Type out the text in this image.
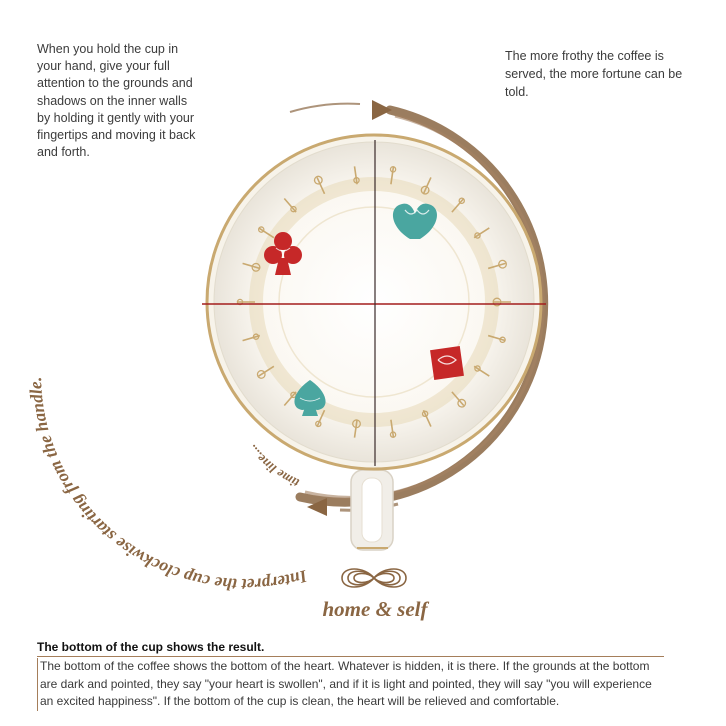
When you hold the cup in your hand, give your full attention to the grounds and shadows on the inner walls by holding it gently with your fingertips and moving it back and forth.
The more frothy the coffee is served, the more fortune can be told.
Interpret the cup clockwise starting from the handle.
time line....
home & self
The bottom of the cup shows the result.
The bottom of the coffee shows the bottom of the heart. Whatever is hidden, it is there. If the grounds at the bottom are dark and pointed, they say "your heart is swollen", and if it is light and pointed, they will say "you will experience an excited happiness". If the bottom of the cup is clean, the heart will be relieved and comfortable.
